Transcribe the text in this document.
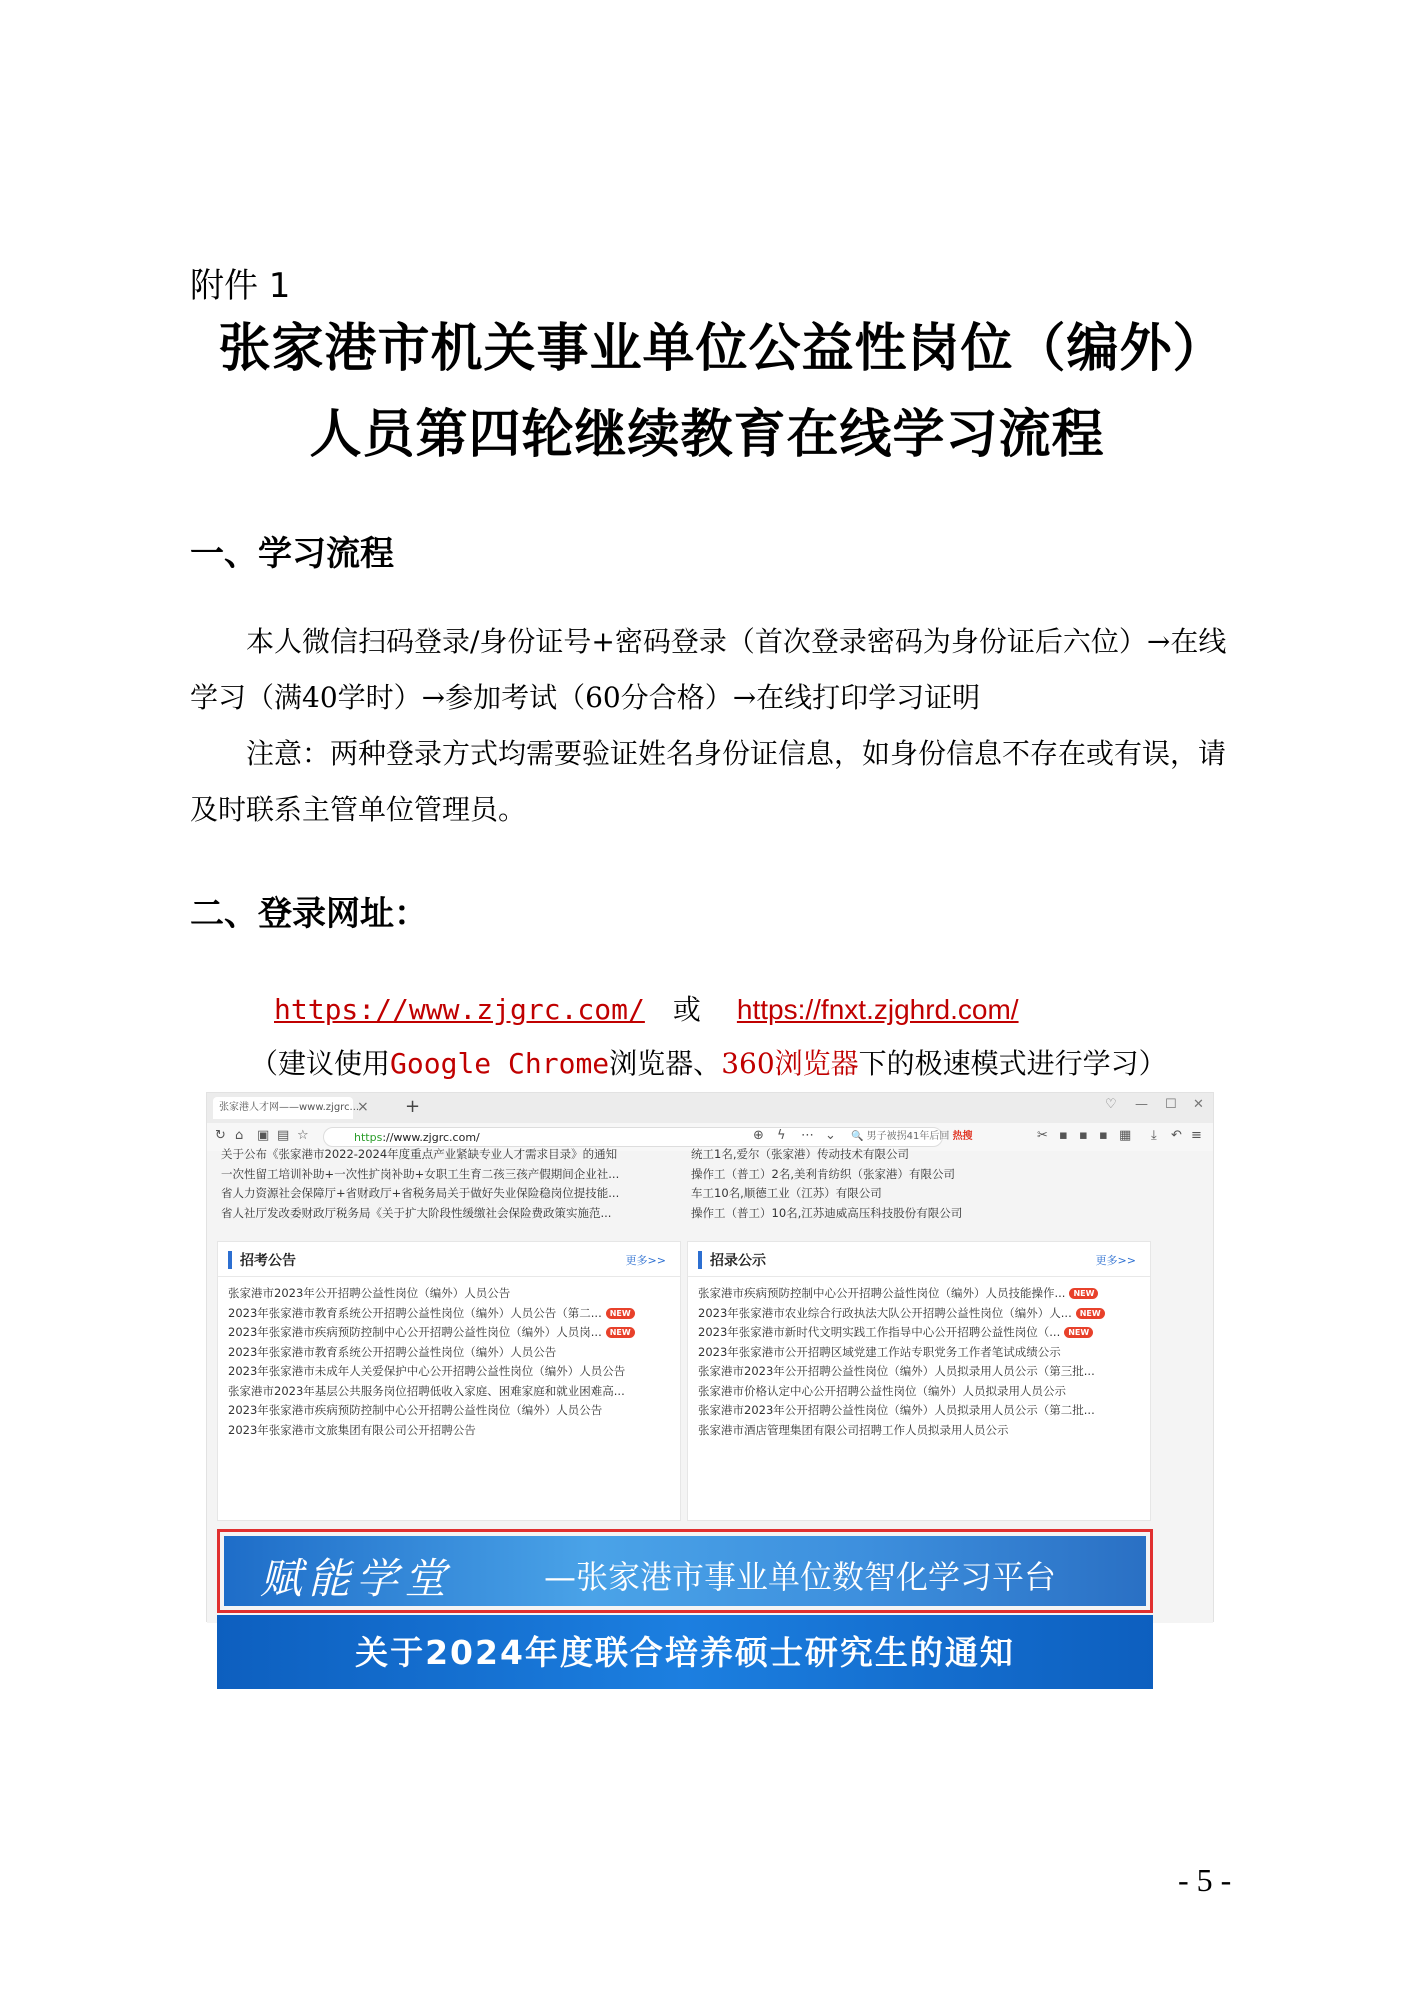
附件 1
张家港市机关事业单位公益性岗位（编外）
人员第四轮继续教育在线学习流程
一、学习流程

本人微信扫码登录/身份证号+密码登录（首次登录密码为身份证后六位）→在线学习（满40学时）→参加考试（60分合格）→在线打印学习证明

注意：两种登录方式均需要验证姓名身份证信息，如身份信息不存在或有误，请及时联系主管单位管理员。

二、登录网址：
https://www.zjgrc.com/ 或 https://fnxt.zjghrd.com/
（建议使用Google Chrome浏览器、360浏览器下的极速模式进行学习）
张家港人才网——www.zjgrc...
× +	♡ — ☐ ✕
↻ ⌂ ▣ ▤ ☆	https://www.zjgrc.com/	⊕ ϟ ⋯ ⌄ 🔍 男子被拐41年后回 热搜	✂ ▪ ▪ ▪ ▦ ⤓ ↶ ≡
关于公布《张家港市2022-2024年度重点产业紧缺专业人才需求目录》的通知
一次性留工培训补助+一次性扩岗补助+女职工生育二孩三孩产假期间企业社...
省人力资源社会保障厅+省财政厅+省税务局关于做好失业保险稳岗位提技能...
省人社厅发改委财政厅税务局《关于扩大阶段性缓缴社会保险费政策实施范...
统工1名,爱尔（张家港）传动技术有限公司
操作工（普工）2名,美利肯纺织（张家港）有限公司
车工10名,顺德工业（江苏）有限公司
操作工（普工）10名,江苏迪威高压科技股份有限公司
招考公告	更多>>
张家港市2023年公开招聘公益性岗位（编外）人员公告
2023年张家港市教育系统公开招聘公益性岗位（编外）人员公告（第二... NEW
2023年张家港市疾病预防控制中心公开招聘公益性岗位（编外）人员岗... NEW
2023年张家港市教育系统公开招聘公益性岗位（编外）人员公告
2023年张家港市未成年人关爱保护中心公开招聘公益性岗位（编外）人员公告
张家港市2023年基层公共服务岗位招聘低收入家庭、困难家庭和就业困难高...
2023年张家港市疾病预防控制中心公开招聘公益性岗位（编外）人员公告
2023年张家港市文旅集团有限公司公开招聘公告
招录公示	更多>>
张家港市疾病预防控制中心公开招聘公益性岗位（编外）人员技能操作... NEW
2023年张家港市农业综合行政执法大队公开招聘公益性岗位（编外）人... NEW
2023年张家港市新时代文明实践工作指导中心公开招聘公益性岗位（... NEW
2023年张家港市公开招聘区域党建工作站专职党务工作者笔试成绩公示
张家港市2023年公开招聘公益性岗位（编外）人员拟录用人员公示（第三批...
张家港市价格认定中心公开招聘公益性岗位（编外）人员拟录用人员公示
张家港市2023年公开招聘公益性岗位（编外）人员拟录用人员公示（第二批...
张家港市酒店管理集团有限公司招聘工作人员拟录用人员公示
赋能学堂	—张家港市事业单位数智化学习平台
关于2024年度联合培养硕士研究生的通知
- 5 -
